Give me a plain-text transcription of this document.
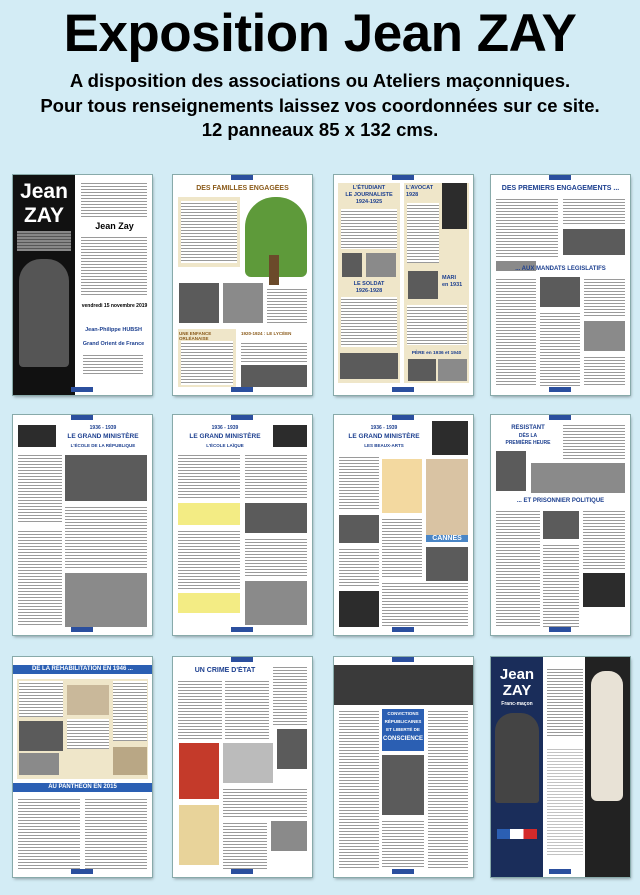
Exposition Jean ZAY
A disposition des associations ou Ateliers maçonniques.
Pour tous renseignements laissez vos coordonnées sur ce site.
12 panneaux 85 x 132 cms.
Jean
ZAY	Jean Zay
vendredi 15 novembre 2019
Jean-Philippe HUBSH
Grand Orient de France
DES FAMILLES ENGAGÉES
UNE ENFANCE ORLÉANAISE
1920-1924 : LE LYCÉEN
L'ÉTUDIANT
LE JOURNALISTE
1924-1925
LE SOLDAT
1926-1928
L'AVOCAT
1928
MARI
en 1931
PÈRE en 1936 et 1940
DES PREMIERS ENGAGEMENTS ...
... AUX MANDATS LÉGISLATIFS
1936 - 1939
LE GRAND MINISTÈRE
L'ÉCOLE DE LA RÉPUBLIQUE
1936 - 1939
LE GRAND MINISTÈRE
L'ÉCOLE LAÏQUE
1936 - 1939
LE GRAND MINISTÈRE
LES BEAUX-ARTS
CANNES
RÉSISTANT
DÈS LA
PREMIÈRE HEURE
... ET PRISONNIER POLITIQUE
DE LA RÉHABILITATION EN 1946 ...
AU PANTHÉON EN 2015
UN CRIME D'ÉTAT
CONVICTIONS
RÉPUBLICAINES
ET LIBERTÉ DE
CONSCIENCE
Jean
ZAY
Franc-maçon
